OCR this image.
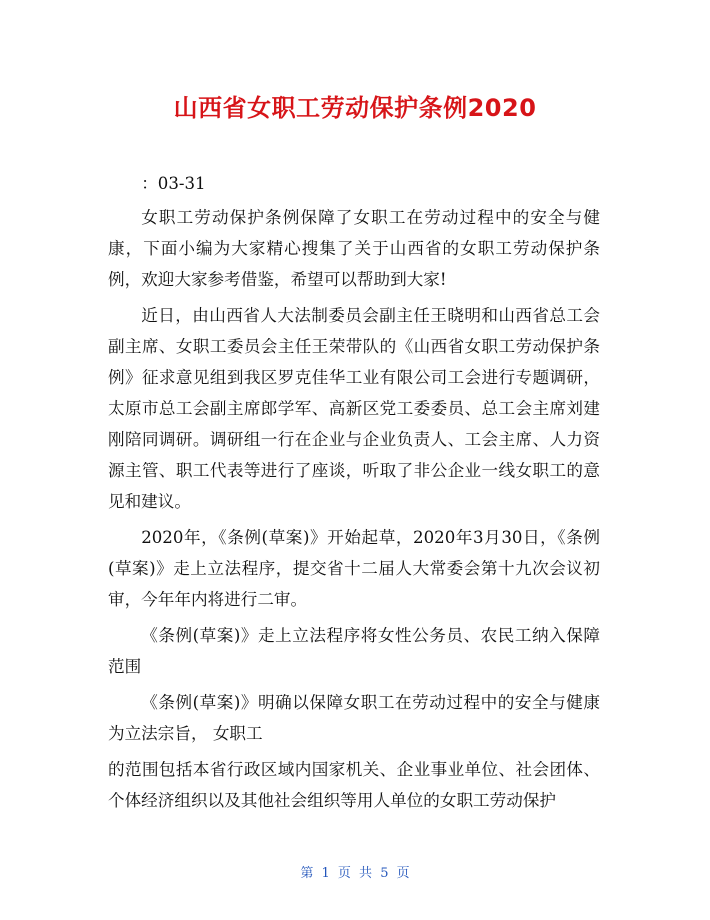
山西省女职工劳动保护条例2020

：03-31

女职工劳动保护条例保障了女职工在劳动过程中的安全与健康，下面小编为大家精心搜集了关于山西省的女职工劳动保护条例，欢迎大家参考借鉴，希望可以帮助到大家!

近日，由山西省人大法制委员会副主任王晓明和山西省总工会副主席、女职工委员会主任王荣带队的《山西省女职工劳动保护条例》征求意见组到我区罗克佳华工业有限公司工会进行专题调研，太原市总工会副主席郎学军、高新区党工委委员、总工会主席刘建刚陪同调研。调研组一行在企业与企业负责人、工会主席、人力资源主管、职工代表等进行了座谈，听取了非公企业一线女职工的意见和建议。

2020年，《条例(草案)》开始起草，2020年3月30日，《条例(草案)》走上立法程序，提交省十二届人大常委会第十九次会议初审，今年年内将进行二审。

《条例(草案)》走上立法程序将女性公务员、农民工纳入保障范围

《条例(草案)》明确以保障女职工在劳动过程中的安全与健康为立法宗旨， 女职工

的范围包括本省行政区域内国家机关、企业事业单位、社会团体、个体经济组织以及其他社会组织等用人单位的女职工劳动保护

第 1 页 共 5 页
